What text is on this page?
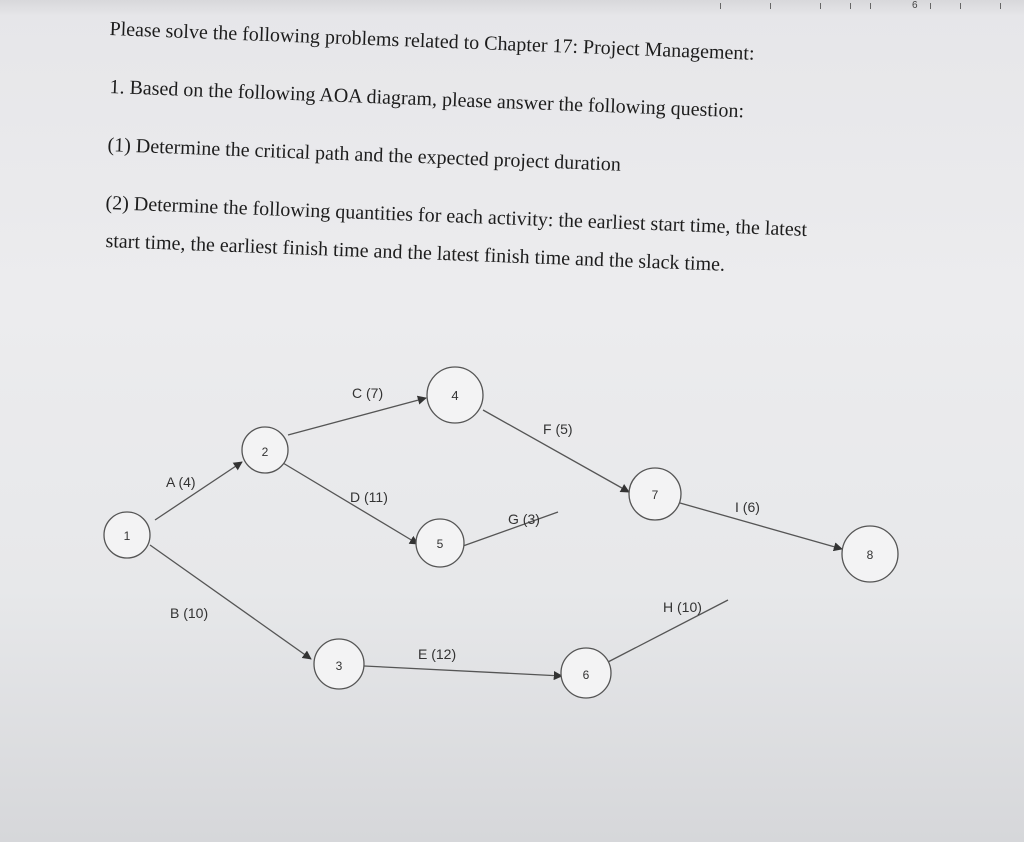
6
Please solve the following problems related to Chapter 17: Project Management:
1. Based on the following AOA diagram, please answer the following question:
(1) Determine the critical path and the expected project duration
(2) Determine the following quantities for each activity: the earliest start time, the latest
start time, the earliest finish time and the latest finish time and the slack time.
1
2
3
4
5
6
7
8
A (4)
B (10)
C (7)
D (11)
E (12)
F (5)
G (3)
H (10)
I (6)
